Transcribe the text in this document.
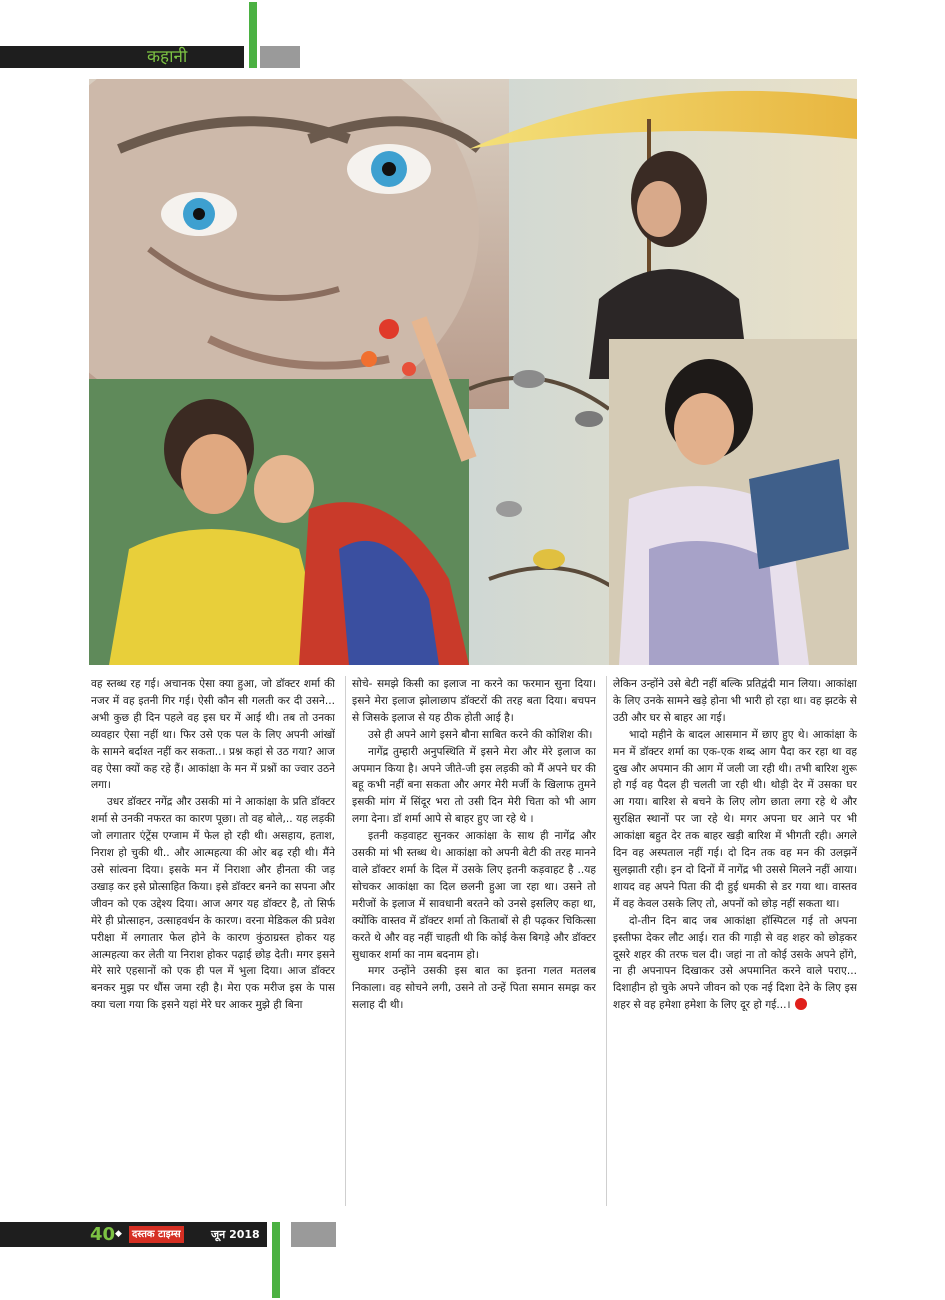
कहानी

वह स्तब्ध रह गई। अचानक ऐसा क्या हुआ, जो डॉक्टर शर्मा की नजर में वह इतनी गिर गई। ऐसी कौन सी गलती कर दी उसने... अभी कुछ ही दिन पहले वह इस घर में आई थी। तब तो उनका व्यवहार ऐसा नहीं था। फिर उसे एक पल के लिए अपनी आंखों के सामने बर्दाश्त नहीं कर सकता..। प्रश्न कहां से उठ गया? आज वह ऐसा क्यों कह रहे हैं। आकांक्षा के मन में प्रश्नों का ज्वार उठने लगा।

उधर डॉक्टर नगेंद्र और उसकी मां ने आकांक्षा के प्रति डॉक्टर शर्मा से उनकी नफरत का कारण पूछा। तो वह बोले,.. यह लड़की जो लगातार एंट्रेंस एग्जाम में फेल हो रही थी। असहाय, हताश, निराश हो चुकी थी.. और आत्महत्या की ओर बढ़ रही थी। मैंने उसे सांत्वना दिया। इसके मन में निराशा और हीनता की जड़ उखाड़ कर इसे प्रोत्साहित किया। इसे डॉक्टर बनने का सपना और जीवन को एक उद्देश्य दिया। आज अगर यह डॉक्टर है, तो सिर्फ मेरे ही प्रोत्साहन, उत्साहवर्धन के कारण। वरना मेडिकल की प्रवेश परीक्षा में लगातार फेल होने के कारण कुंठाग्रस्त होकर यह आत्महत्या कर लेती या निराश होकर पढ़ाई छोड़ देती। मगर इसने मेरे सारे एहसानों को एक ही पल में भुला दिया। आज डॉक्टर बनकर मुझ पर धौंस जमा रही है। मेरा एक मरीज इस के पास क्या चला गया कि इसने यहां मेरे घर आकर मुझे ही बिना

सोचे- समझे किसी का इलाज ना करने का फरमान सुना दिया। इसने मेरा इलाज झोलाछाप डॉक्टरों की तरह बता दिया। बचपन से जिसके इलाज से यह ठीक होती आई है।

उसे ही अपने आगे इसने बौना साबित करने की कोशिश की।

नागेंद्र तुम्हारी अनुपस्थिति में इसने मेरा और मेरे इलाज का अपमान किया है। अपने जीते-जी इस लड़की को मैं अपने घर की बहू कभी नहीं बना सकता और अगर मेरी मर्जी के खिलाफ तुमने इसकी मांग में सिंदूर भरा तो उसी दिन मेरी चिता को भी आग लगा देना। डॉ शर्मा आपे से बाहर हुए जा रहे थे ।

इतनी कड़वाहट सुनकर आकांक्षा के साथ ही नागेंद्र और उसकी मां भी स्तब्ध थे। आकांक्षा को अपनी बेटी की तरह मानने वाले डॉक्टर शर्मा के दिल में उसके लिए इतनी कड़वाहट है ..यह सोचकर आकांक्षा का दिल छलनी हुआ जा रहा था। उसने तो मरीजों के इलाज में सावधानी बरतने को उनसे इसलिए कहा था, क्योंकि वास्तव में डॉक्टर शर्मा तो किताबों से ही पढ़कर चिकित्सा करते थे और वह नहीं चाहती थी कि कोई केस बिगड़े और डॉक्टर सुधाकर शर्मा का नाम बदनाम हो।

मगर उन्होंने उसकी इस बात का इतना गलत मतलब निकाला। वह सोचने लगी, उसने तो उन्हें पिता समान समझ कर सलाह दी थी।

लेकिन उन्होंने उसे बेटी नहीं बल्कि प्रतिद्वंदी मान लिया। आकांक्षा के लिए उनके सामने खड़े होना भी भारी हो रहा था। वह झटके से उठी और घर से बाहर आ गई।

भादो महीने के बादल आसमान में छाए हुए थे। आकांक्षा के मन में डॉक्टर शर्मा का एक-एक शब्द आग पैदा कर रहा था वह दुख और अपमान की आग में जली जा रही थी। तभी बारिश शुरू हो गई वह पैदल ही चलती जा रही थी। थोड़ी देर में उसका घर आ गया। बारिश से बचने के लिए लोग छाता लगा रहे थे और सुरक्षित स्थानों पर जा रहे थे। मगर अपना घर आने पर भी आकांक्षा बहुत देर तक बाहर खड़ी बारिश में भीगती रही। अगले दिन वह अस्पताल नहीं गई। दो दिन तक वह मन की उलझनें सुलझाती रही। इन दो दिनों में नागेंद्र भी उससे मिलने नहीं आया। शायद वह अपने पिता की दी हुई धमकी से डर गया था। वास्तव में वह केवल उसके लिए तो, अपनों को छोड़ नहीं सकता था।

दो-तीन दिन बाद जब आकांक्षा हॉस्पिटल गई तो अपना इस्तीफा देकर लौट आई। रात की गाड़ी से वह शहर को छोड़कर दूसरे शहर की तरफ चल दी। जहां ना तो कोई उसके अपने होंगे, ना ही अपनापन दिखाकर उसे अपमानित करने वाले पराए... दिशाहीन हो चुके अपने जीवन को एक नई दिशा देने के लिए इस शहर से वह हमेशा हमेशा के लिए दूर हो गई...।

40 ◆	दस्तक टाइम्स	जून 2018
